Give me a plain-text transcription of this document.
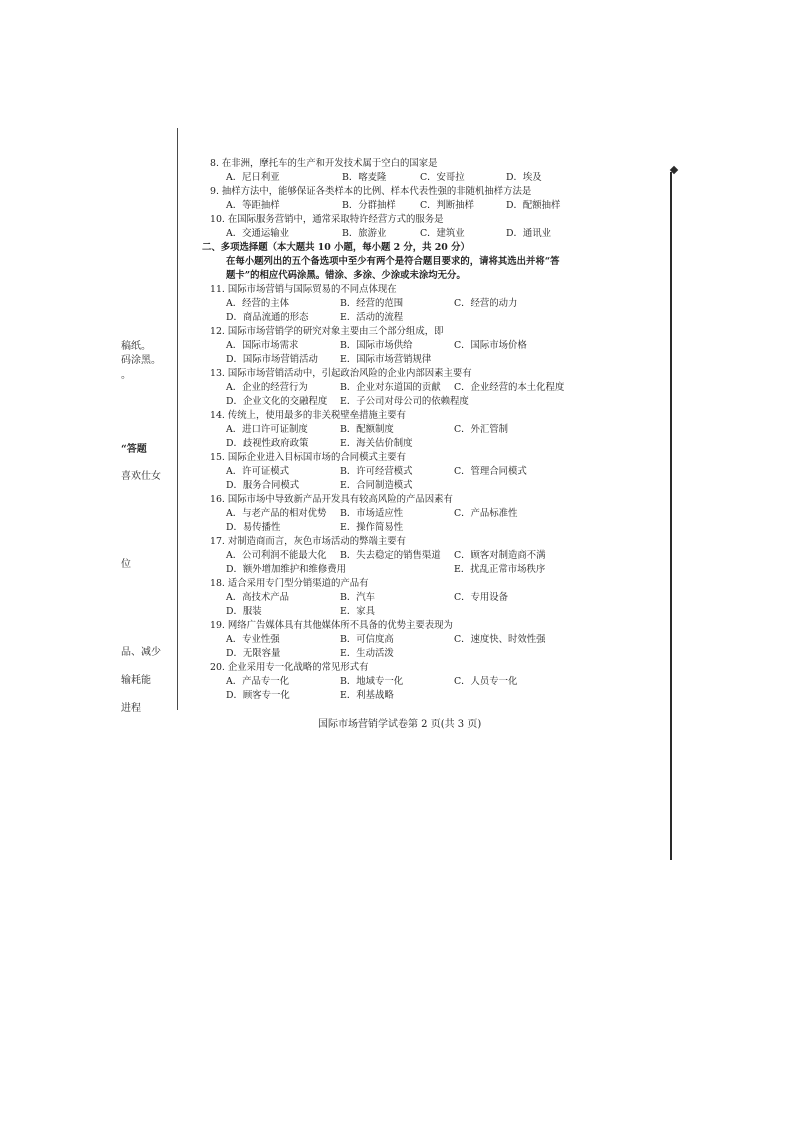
稿纸。
码涂黑。
。
“答题
喜欢仕女
位
品、减少
输耗能
进程
8. 在非洲，摩托车的生产和开发技术属于空白的国家是
A．尼日利亚	B．喀麦隆	C．安哥拉	D．埃及
9. 抽样方法中，能够保证各类样本的比例、样本代表性强的非随机抽样方法是
A．等距抽样	B．分群抽样	C．判断抽样	D．配额抽样
10. 在国际服务营销中，通常采取特许经营方式的服务是
A．交通运输业	B．旅游业	C．建筑业	D．通讯业
二、多项选择题（本大题共 10 小题，每小题 2 分，共 20 分）
在每小题列出的五个备选项中至少有两个是符合题目要求的，请将其选出并将“答
题卡”的相应代码涂黑。错涂、多涂、少涂或未涂均无分。
11. 国际市场营销与国际贸易的不同点体现在
A．经营的主体	B．经营的范围	C．经营的动力
D．商品流通的形态	E．活动的流程
12. 国际市场营销学的研究对象主要由三个部分组成，即
A．国际市场需求	B．国际市场供给	C．国际市场价格
D．国际市场营销活动 E．国际市场营销规律
13. 国际市场营销活动中，引起政治风险的企业内部因素主要有
A．企业的经营行为	B．企业对东道国的贡献 C．企业经营的本土化程度
D．企业文化的交融程度 E．子公司对母公司的依赖程度
14. 传统上，使用最多的非关税壁垒措施主要有
A．进口许可证制度	B．配额制度	C．外汇管制
D．歧视性政府政策	E．海关估价制度
15. 国际企业进入目标国市场的合同模式主要有
A．许可证模式	B．许可经营模式	C．管理合同模式
D．服务合同模式	E．合同制造模式
16. 国际市场中导致新产品开发具有较高风险的产品因素有
A．与老产品的相对优势 B．市场适应性	C．产品标准性
D．易传播性	E．操作简易性
17. 对制造商而言，灰色市场活动的弊端主要有
A．公司利润不能最大化 B．失去稳定的销售渠道 C．顾客对制造商不满
D．额外增加维护和维修费用	E．扰乱正常市场秩序
18. 适合采用专门型分销渠道的产品有
A．高技术产品	B．汽车	C．专用设备
D．服装	E．家具
19. 网络广告媒体具有其他媒体所不具备的优势主要表现为
A．专业性强	B．可信度高	C．速度快、时效性强
D．无限容量	E．生动活泼
20. 企业采用专一化战略的常见形式有
A．产品专一化	B．地域专一化	C．人员专一化
D．顾客专一化	E．利基战略
国际市场营销学试卷第 2 页(共 3 页)
